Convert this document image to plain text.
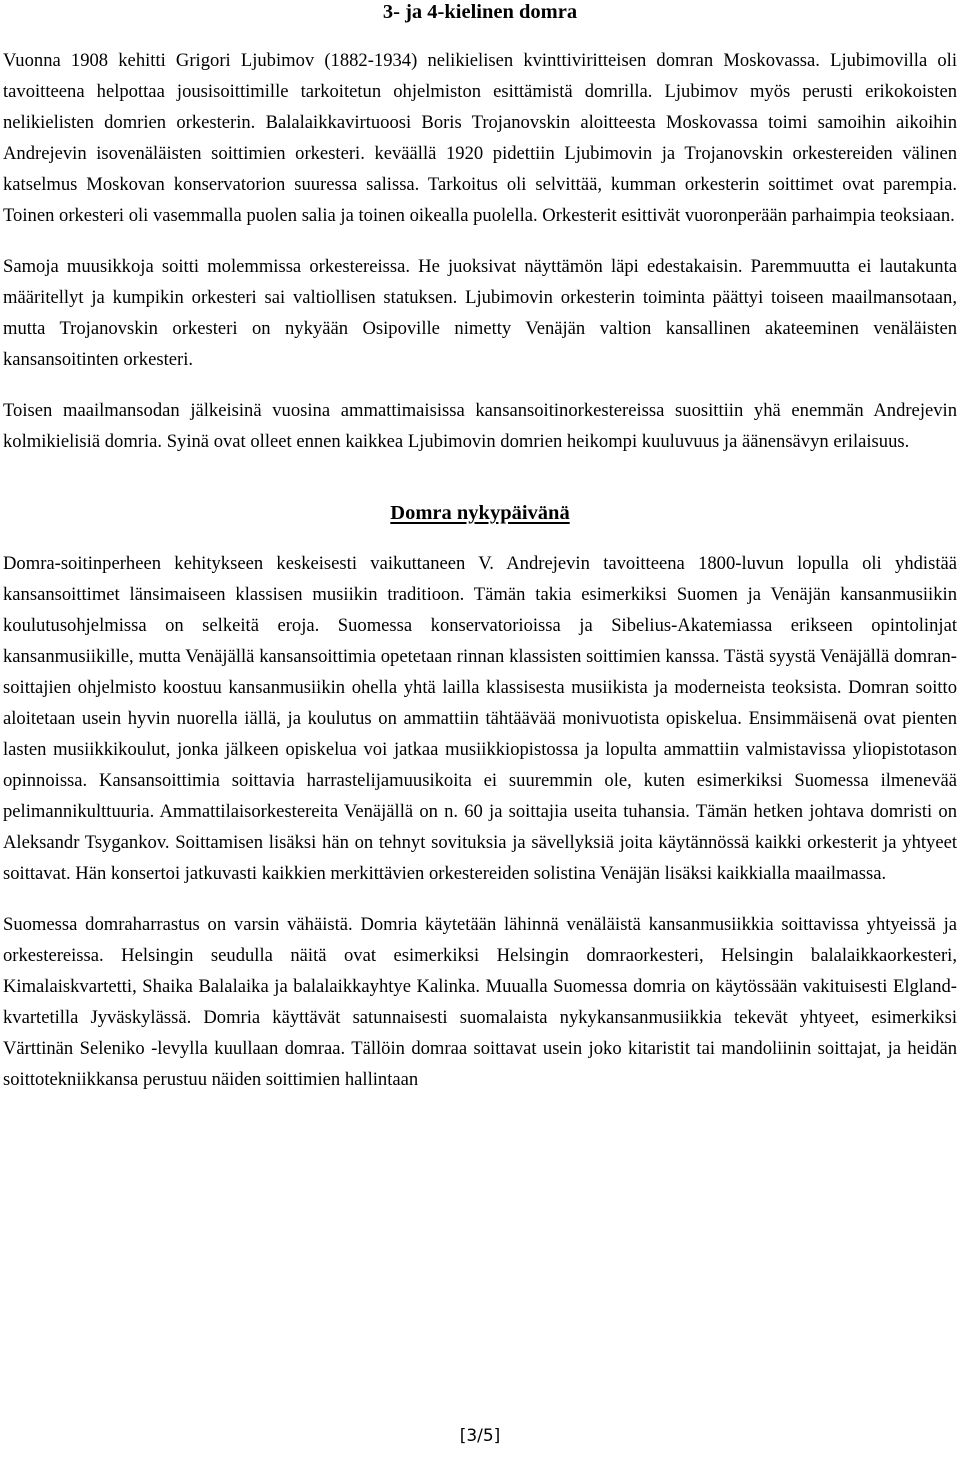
3- ja 4-kielinen domra

Vuonna 1908 kehitti Grigori Ljubimov (1882-1934) nelikielisen kvinttiviritteisen domran Moskovassa. Ljubimovilla oli tavoitteena helpottaa jousisoittimille tarkoitetun ohjelmiston esittämistä domrilla. Ljubimov myös perusti erikokoisten nelikielisten domrien orkesterin. Balalaikkavirtuoosi Boris Trojanovskin aloitteesta Moskovassa toimi samoihin aikoihin Andrejevin isovenäläisten soittimien orkesteri. keväällä 1920 pidettiin Ljubimovin ja Trojanovskin orkestereiden välinen katselmus Moskovan konservatorion suuressa salissa. Tarkoitus oli selvittää, kumman orkesterin soittimet ovat parempia. Toinen orkesteri oli vasemmalla puolen salia ja toinen oikealla puolella. Orkesterit esittivät vuoronperään parhaimpia teoksiaan.

Samoja muusikkoja soitti molemmissa orkestereissa. He juoksivat näyttämön läpi edestakaisin. Paremmuutta ei lautakunta määritellyt ja kumpikin orkesteri sai valtiollisen statuksen. Ljubimovin orkesterin toiminta päättyi toiseen maailmansotaan, mutta Trojanovskin orkesteri on nykyään Osipoville nimetty Venäjän valtion kansallinen akateeminen venäläisten kansansoitinten orkesteri.

Toisen maailmansodan jälkeisinä vuosina ammattimaisissa kansansoitinorkestereissa suosittiin yhä enemmän Andrejevin kolmikielisiä domria. Syinä ovat olleet ennen kaikkea Ljubimovin domrien heikompi kuuluvuus ja äänensävyn erilaisuus.

Domra nykypäivänä

Domra-soitinperheen kehitykseen keskeisesti vaikuttaneen V. Andrejevin tavoitteena 1800-luvun lopulla oli yhdistää kansansoittimet länsimaiseen klassisen musiikin traditioon. Tämän takia esimerkiksi Suomen ja Venäjän kansanmusiikin koulutusohjelmissa on selkeitä eroja. Suomessa konservatorioissa ja Sibelius-Akatemiassa erikseen opintolinjat kansanmusiikille, mutta Venäjällä kansansoittimia opetetaan rinnan klassisten soittimien kanssa. Tästä syystä Venäjällä domran-soittajien ohjelmisto koostuu kansanmusiikin ohella yhtä lailla klassisesta musiikista ja moderneista teoksista. Domran soitto aloitetaan usein hyvin nuorella iällä, ja koulutus on ammattiin tähtäävää monivuotista opiskelua. Ensimmäisenä ovat pienten lasten musiikkikoulut, jonka jälkeen opiskelua voi jatkaa musiikkiopistossa ja lopulta ammattiin valmistavissa yliopistotason opinnoissa. Kansansoittimia soittavia harrastelijamuusikoita ei suuremmin ole, kuten esimerkiksi Suomessa ilmenevää pelimannikulttuuria. Ammattilaisorkestereita Venäjällä on n. 60 ja soittajia useita tuhansia. Tämän hetken johtava domristi on Aleksandr Tsygankov. Soittamisen lisäksi hän on tehnyt sovituksia ja sävellyksiä joita käytännössä kaikki orkesterit ja yhtyeet soittavat. Hän konsertoi jatkuvasti kaikkien merkittävien orkestereiden solistina Venäjän lisäksi kaikkialla maailmassa.

Suomessa domraharrastus on varsin vähäistä. Domria käytetään lähinnä venäläistä kansanmusiikkia soittavissa yhtyeissä ja orkestereissa. Helsingin seudulla näitä ovat esimerkiksi Helsingin domraorkesteri, Helsingin balalaikkaorkesteri, Kimalaiskvartetti, Shaika Balalaika ja balalaikkayhtye Kalinka. Muualla Suomessa domria on käytössään vakituisesti Elgland-kvartetilla Jyväskylässä. Domria käyttävät satunnaisesti suomalaista nykykansanmusiikkia tekevät yhtyeet, esimerkiksi Värttinän Seleniko -levylla kuullaan domraa. Tällöin domraa soittavat usein joko kitaristit tai mandoliinin soittajat, ja heidän soittotekniikkansa perustuu näiden soittimien hallintaan

[3/5]
